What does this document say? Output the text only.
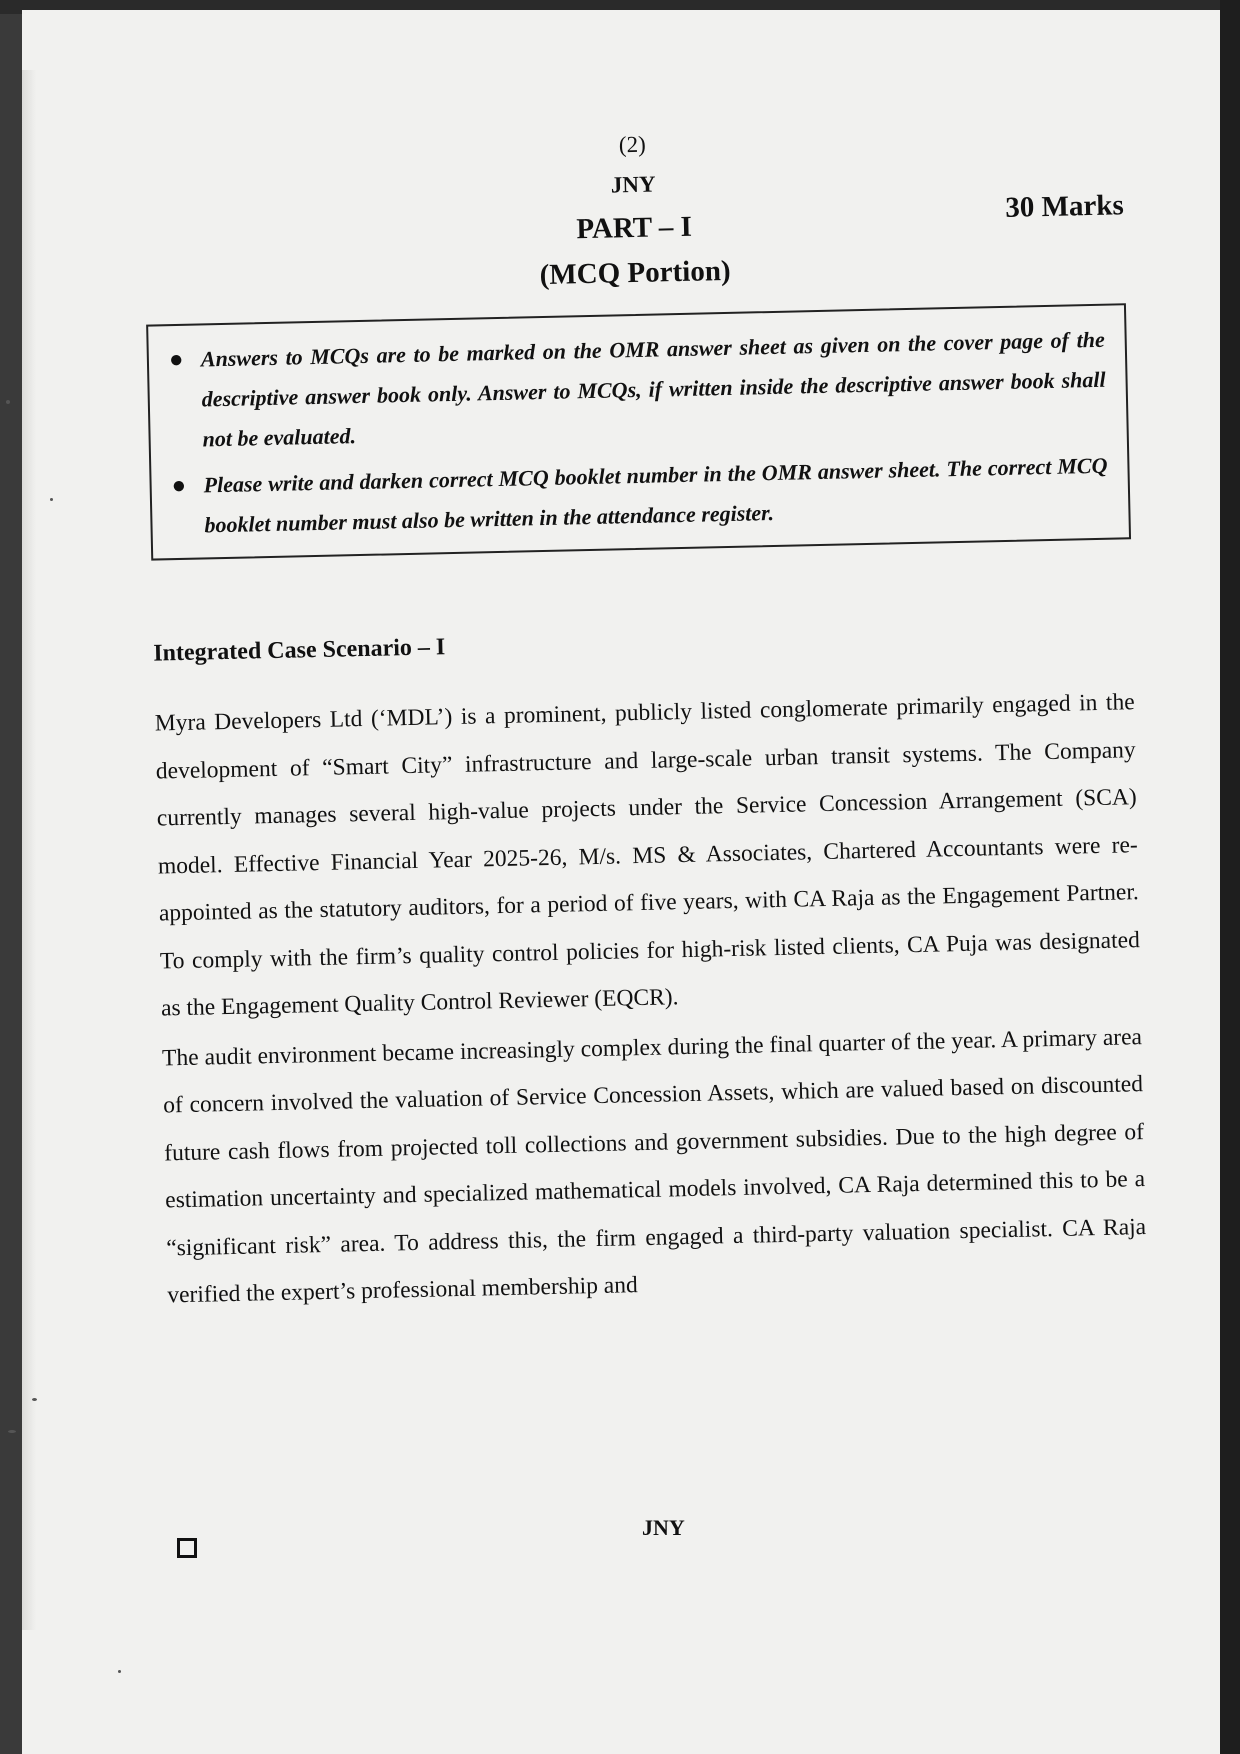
(2)

JNY
PART – I
30 Marks
(MCQ Portion)
● Answers to MCQs are to be marked on the OMR answer sheet as given on the cover page of the descriptive answer book only. Answer to MCQs, if written inside the descriptive answer book shall not be evaluated.
● Please write and darken correct MCQ booklet number in the OMR answer sheet. The correct MCQ booklet number must also be written in the attendance register.
Integrated Case Scenario – I

Myra Developers Ltd (‘MDL’) is a prominent, publicly listed conglomerate primarily engaged in the development of “Smart City” infrastructure and large-scale urban transit systems. The Company currently manages several high-value projects under the Service Concession Arrangement (SCA) model. Effective Financial Year 2025-26, M/s. MS & Associates, Chartered Accountants were re-appointed as the statutory auditors, for a period of five years, with CA Raja as the Engagement Partner. To comply with the firm’s quality control policies for high-risk listed clients, CA Puja was designated as the Engagement Quality Control Reviewer (EQCR).

The audit environment became increasingly complex during the final quarter of the year. A primary area of concern involved the valuation of Service Concession Assets, which are valued based on discounted future cash flows from projected toll collections and government subsidies. Due to the high degree of estimation uncertainty and specialized mathematical models involved, CA Raja determined this to be a “significant risk” area. To address this, the firm engaged a third-party valuation specialist. CA Raja verified the expert’s professional membership and

JNY
